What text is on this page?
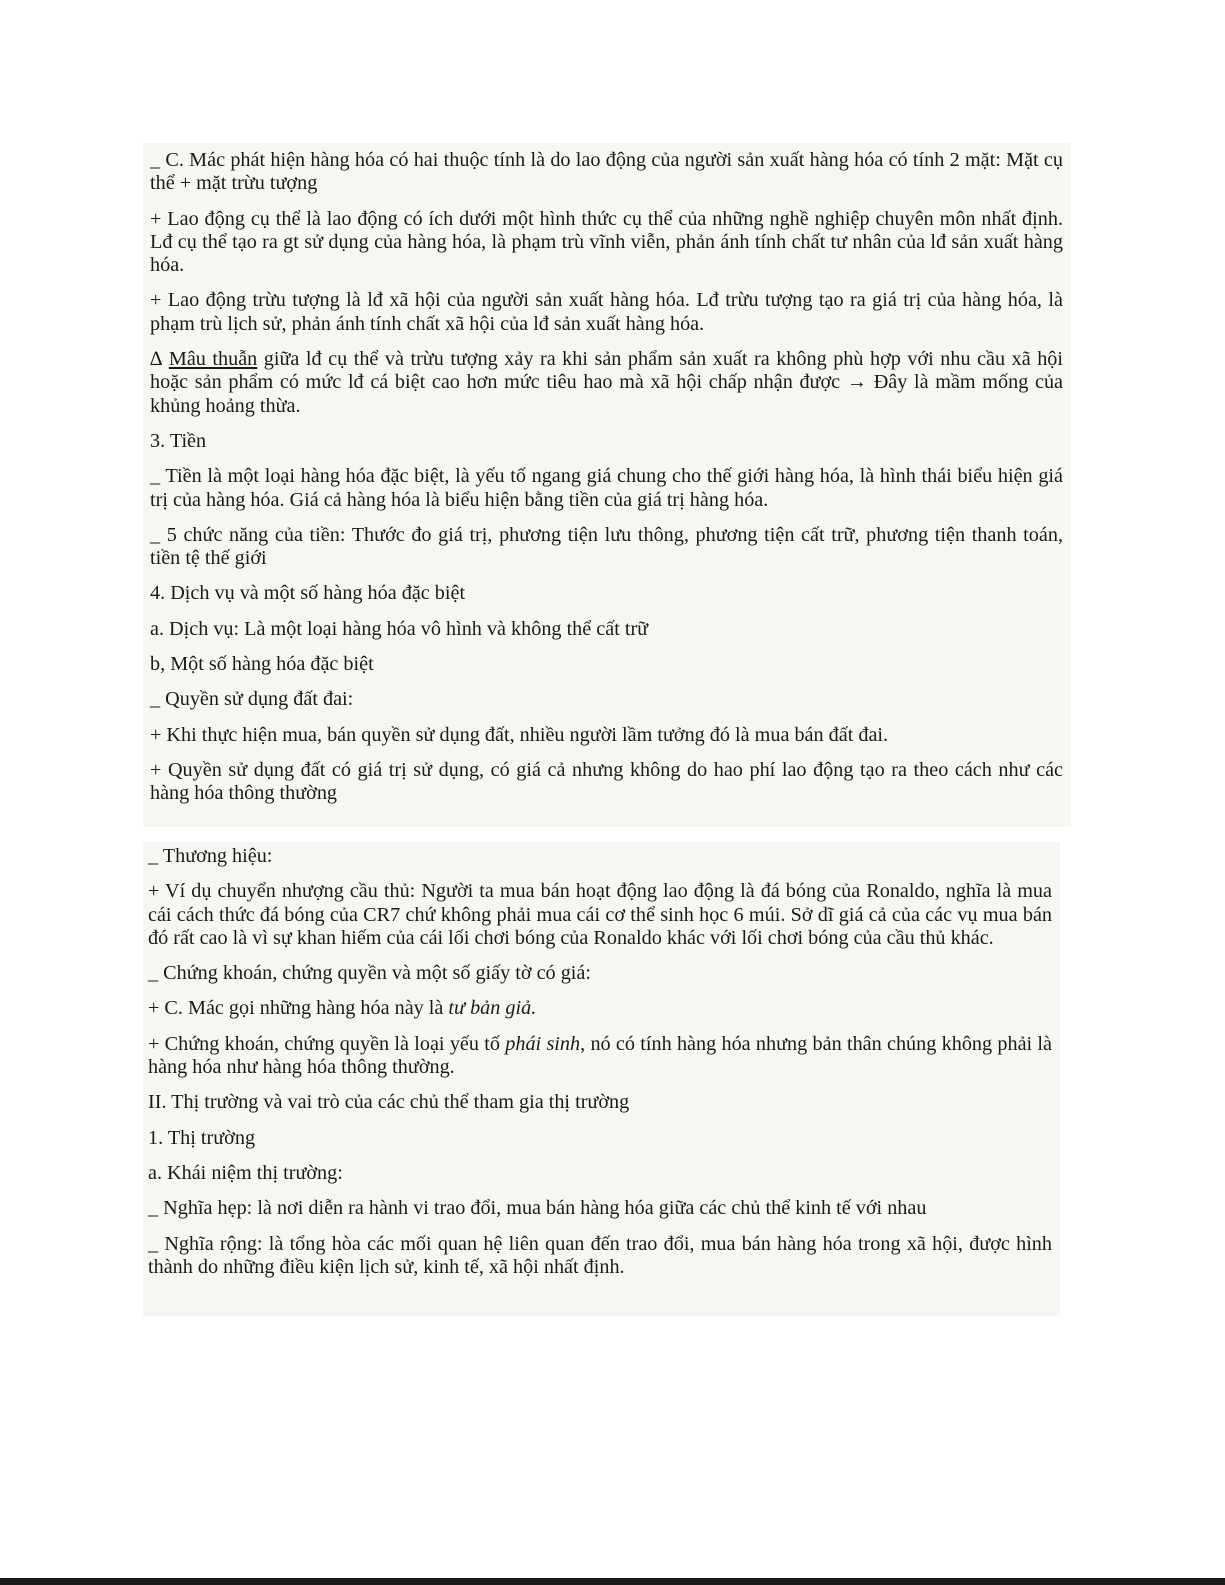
_ C. Mác phát hiện hàng hóa có hai thuộc tính là do lao động của người sản xuất hàng hóa có tính 2 mặt: Mặt cụ thể + mặt trừu tượng

+ Lao động cụ thể là lao động có ích dưới một hình thức cụ thể của những nghề nghiệp chuyên môn nhất định. Lđ cụ thể tạo ra gt sử dụng của hàng hóa, là phạm trù vĩnh viễn, phản ánh tính chất tư nhân của lđ sản xuất hàng hóa.

+ Lao động trừu tượng là lđ xã hội của người sản xuất hàng hóa. Lđ trừu tượng tạo ra giá trị của hàng hóa, là phạm trù lịch sử, phản ánh tính chất xã hội của lđ sản xuất hàng hóa.

∆ Mâu thuẫn giữa lđ cụ thể và trừu tượng xảy ra khi sản phẩm sản xuất ra không phù hợp với nhu cầu xã hội hoặc sản phẩm có mức lđ cá biệt cao hơn mức tiêu hao mà xã hội chấp nhận được → Đây là mầm mống của khủng hoảng thừa.

3. Tiền

_ Tiền là một loại hàng hóa đặc biệt, là yếu tố ngang giá chung cho thế giới hàng hóa, là hình thái biểu hiện giá trị của hàng hóa. Giá cả hàng hóa là biểu hiện bằng tiền của giá trị hàng hóa.

_ 5 chức năng của tiền: Thước đo giá trị, phương tiện lưu thông, phương tiện cất trữ, phương tiện thanh toán, tiền tệ thế giới

4. Dịch vụ và một số hàng hóa đặc biệt

a. Dịch vụ: Là một loại hàng hóa vô hình và không thể cất trữ

b, Một số hàng hóa đặc biệt

_ Quyền sử dụng đất đai:

+ Khi thực hiện mua, bán quyền sử dụng đất, nhiều người lầm tưởng đó là mua bán đất đai.

+ Quyền sử dụng đất có giá trị sử dụng, có giá cả nhưng không do hao phí lao động tạo ra theo cách như các hàng hóa thông thường

_ Thương hiệu:

+ Ví dụ chuyển nhượng cầu thủ: Người ta mua bán hoạt động lao động là đá bóng của Ronaldo, nghĩa là mua cái cách thức đá bóng của CR7 chứ không phải mua cái cơ thể sinh học 6 múi. Sở dĩ giá cả của các vụ mua bán đó rất cao là vì sự khan hiếm của cái lối chơi bóng của Ronaldo khác với lối chơi bóng của cầu thủ khác.

_ Chứng khoán, chứng quyền và một số giấy tờ có giá:

+ C. Mác gọi những hàng hóa này là tư bản giả.

+ Chứng khoán, chứng quyền là loại yếu tố phái sinh, nó có tính hàng hóa nhưng bản thân chúng không phải là hàng hóa như hàng hóa thông thường.

II. Thị trường và vai trò của các chủ thể tham gia thị trường

1. Thị trường

a. Khái niệm thị trường:

_ Nghĩa hẹp: là nơi diễn ra hành vi trao đổi, mua bán hàng hóa giữa các chủ thể kinh tế với nhau

_ Nghĩa rộng: là tổng hòa các mối quan hệ liên quan đến trao đổi, mua bán hàng hóa trong xã hội, được hình thành do những điều kiện lịch sử, kinh tế, xã hội nhất định.
